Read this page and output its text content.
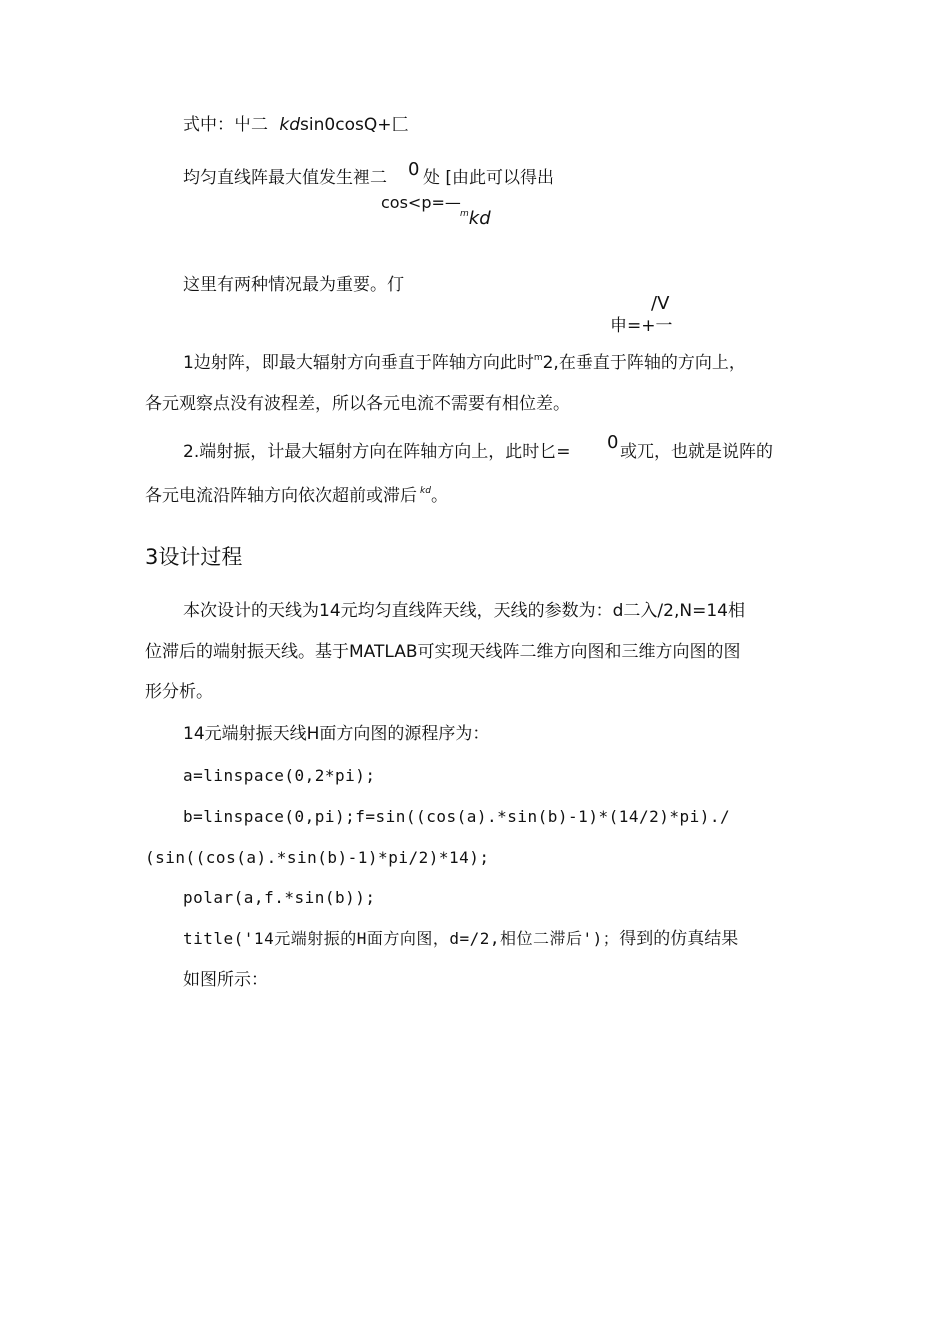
式中：屮二 kdsin0cosQ+匚
均匀直线阵最大值发生裡二 0 处 [由此可以得出
cos<p=—
$^m$kd
这里有两种情况最为重要。仃
/V
申=+一
1边射阵，即最大辐射方向垂直于阵轴方向此时$^m$2,在垂直于阵轴的方向上，
各元观察点没有波程差，所以各元电流不需要有相位差。
2.端射振，计最大辐射方向在阵轴方向上，此时匕= 0 或兀，也就是说阵的
各元电流沿阵轴方向依次超前或滞后 $^{kd}$。
3设计过程
本次设计的天线为14元均匀直线阵天线，天线的参数为：d二入/2,N=14相
位滞后的端射振天线。基于MATLAB可实现天线阵二维方向图和三维方向图的图
形分析。
14元端射振天线H面方向图的源程序为：
a=linspace(0,2*pi);
b=linspace(0,pi);f=sin((cos(a).*sin(b)-1)*(14/2)*pi)./
(sin((cos(a).*sin(b)-1)*pi/2)*14);
polar(a,f.*sin(b));
title('14元端射振的H面方向图，d=/2,相位二滞后')；得到的仿真结果
如图所示：
